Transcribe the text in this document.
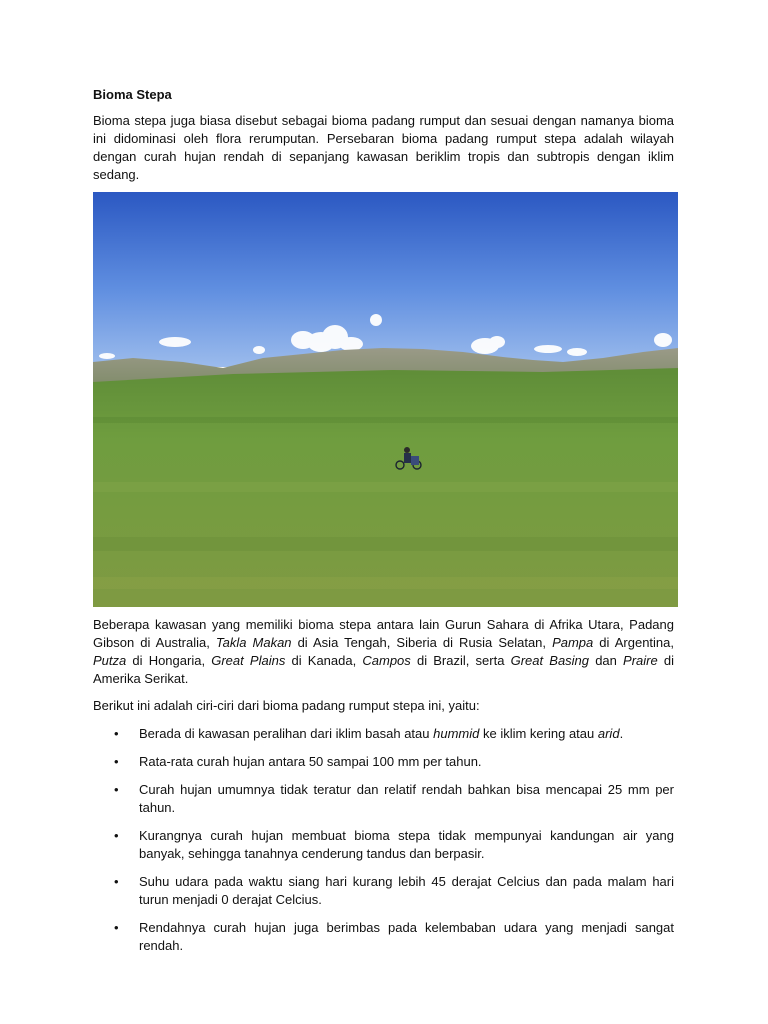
Bioma Stepa

Bioma stepa juga biasa disebut sebagai bioma padang rumput dan sesuai dengan namanya bioma ini didominasi oleh flora rerumputan. Persebaran bioma padang rumput stepa adalah wilayah dengan curah hujan rendah di sepanjang kawasan beriklim tropis dan subtropis dengan iklim sedang.

Beberapa kawasan yang memiliki bioma stepa antara lain Gurun Sahara di Afrika Utara, Padang Gibson di Australia, Takla Makan di Asia Tengah, Siberia di Rusia Selatan, Pampa di Argentina, Putza di Hongaria, Great Plains di Kanada, Campos di Brazil, serta Great Basing dan Praire di Amerika Serikat.

Berikut ini adalah ciri-ciri dari bioma padang rumput stepa ini, yaitu:

• Berada di kawasan peralihan dari iklim basah atau hummid ke iklim kering atau arid.
• Rata-rata curah hujan antara 50 sampai 100 mm per tahun.
• Curah hujan umumnya tidak teratur dan relatif rendah bahkan bisa mencapai 25 mm per tahun.
• Kurangnya curah hujan membuat bioma stepa tidak mempunyai kandungan air yang banyak, sehingga tanahnya cenderung tandus dan berpasir.
• Suhu udara pada waktu siang hari kurang lebih 45 derajat Celcius dan pada malam hari turun menjadi 0 derajat Celcius.
• Rendahnya curah hujan juga berimbas pada kelembaban udara yang menjadi sangat rendah.
